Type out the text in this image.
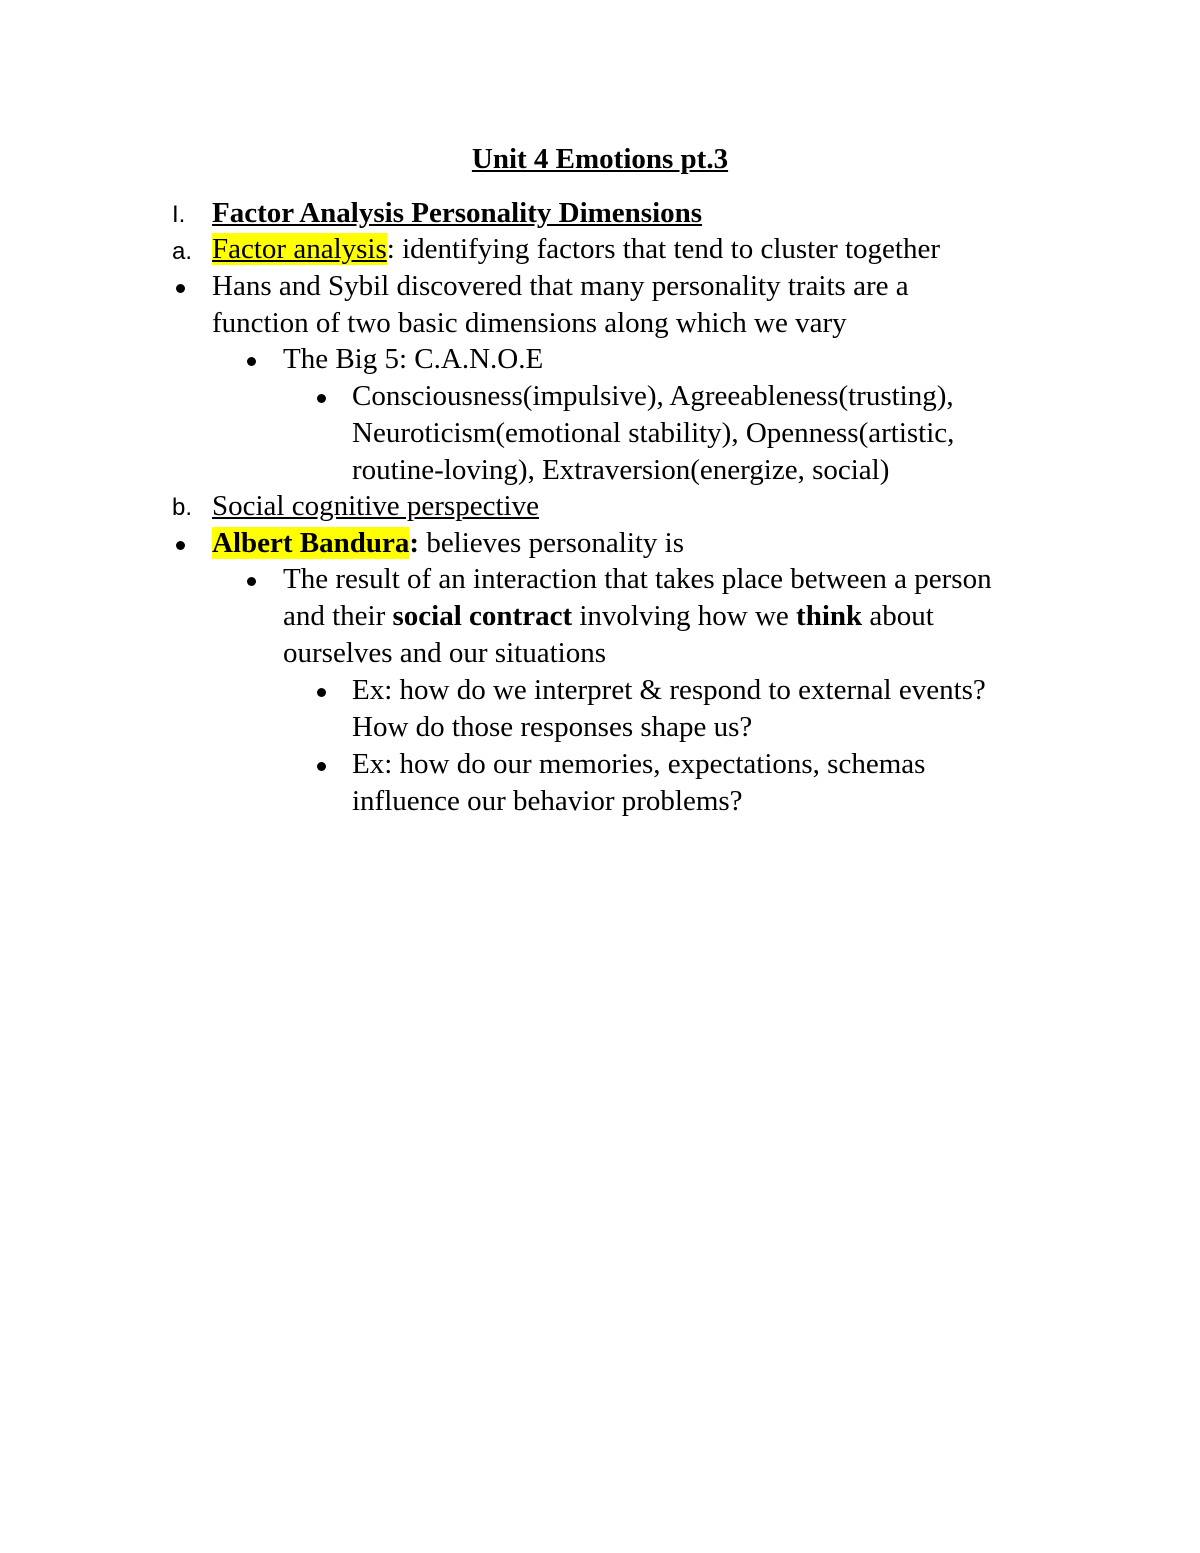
Unit 4 Emotions pt.3
I. Factor Analysis Personality Dimensions
a. Factor analysis: identifying factors that tend to cluster together
Hans and Sybil discovered that many personality traits are a
function of two basic dimensions along which we vary
The Big 5: C.A.N.O.E
Consciousness(impulsive), Agreeableness(trusting),
Neuroticism(emotional stability), Openness(artistic,
routine-loving), Extraversion(energize, social)
b. Social cognitive perspective
Albert Bandura: believes personality is
The result of an interaction that takes place between a person
and their social contract involving how we think about
ourselves and our situations
Ex: how do we interpret & respond to external events?
How do those responses shape us?
Ex: how do our memories, expectations, schemas
influence our behavior problems?
